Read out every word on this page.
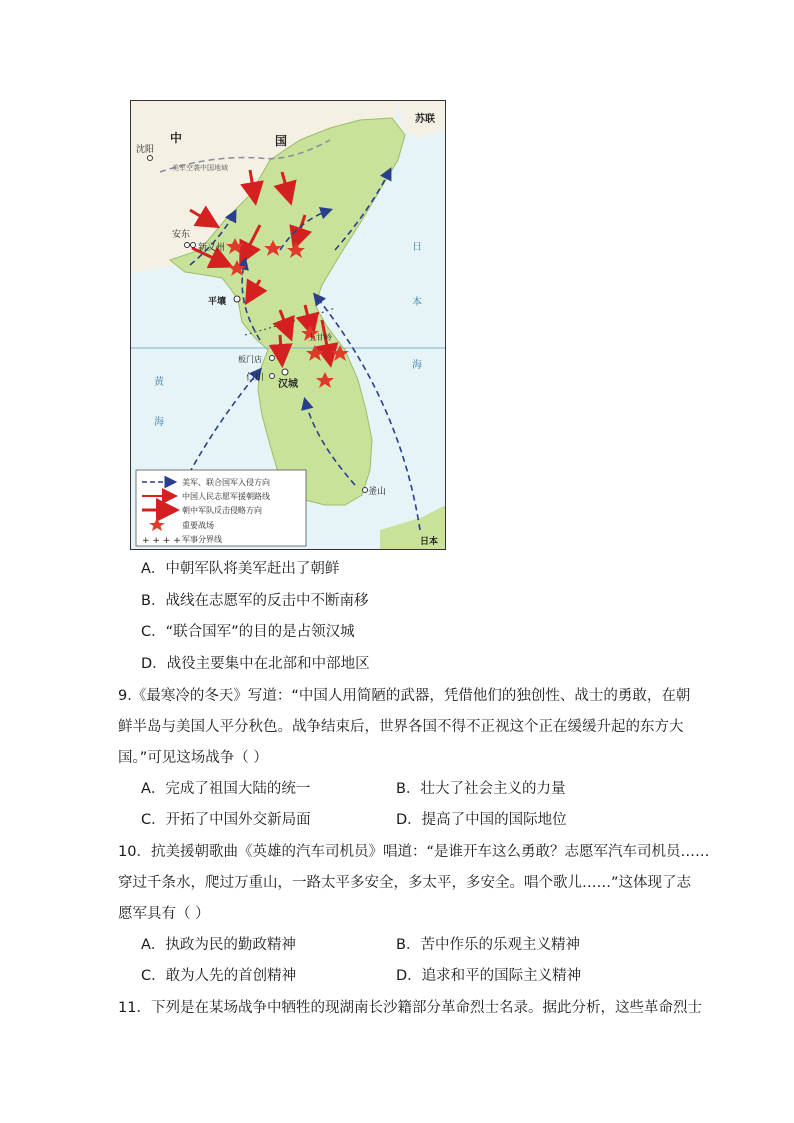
中	国
苏联
沈阳
美军空袭中国地域
安东
新义州
平壤
板门店
上甘岭
仁川
汉城
釜山
日
本
海
黄
海
日本
美军、联合国军入侵方向
中国人民志愿军援朝路线
朝中军队反击侵略方向
重要战场
+ + + + 军事分界线
A．中朝军队将美军赶出了朝鲜
B．战线在志愿军的反击中不断南移
C．“联合国军”的目的是占领汉城
D．战役主要集中在北部和中部地区
9.《最寒冷的冬天》写道：“中国人用简陋的武器，凭借他们的独创性、战士的勇敢，在朝
鲜半岛与美国人平分秋色。战争结束后，世界各国不得不正视这个正在缓缓升起的东方大
国。”可见这场战争（ ）
A．完成了祖国大陆的统一	B．壮大了社会主义的力量
C．开拓了中国外交新局面	D．提高了中国的国际地位
10．抗美援朝歌曲《英雄的汽车司机员》唱道：“是谁开车这么勇敢？志愿军汽车司机员……
穿过千条水，爬过万重山，一路太平多安全，多太平，多安全。唱个歌儿……”这体现了志
愿军具有（ ）
A．执政为民的勤政精神	B．苦中作乐的乐观主义精神
C．敢为人先的首创精神	D．追求和平的国际主义精神
11．下列是在某场战争中牺牲的现湖南长沙籍部分革命烈士名录。据此分析，这些革命烈士
